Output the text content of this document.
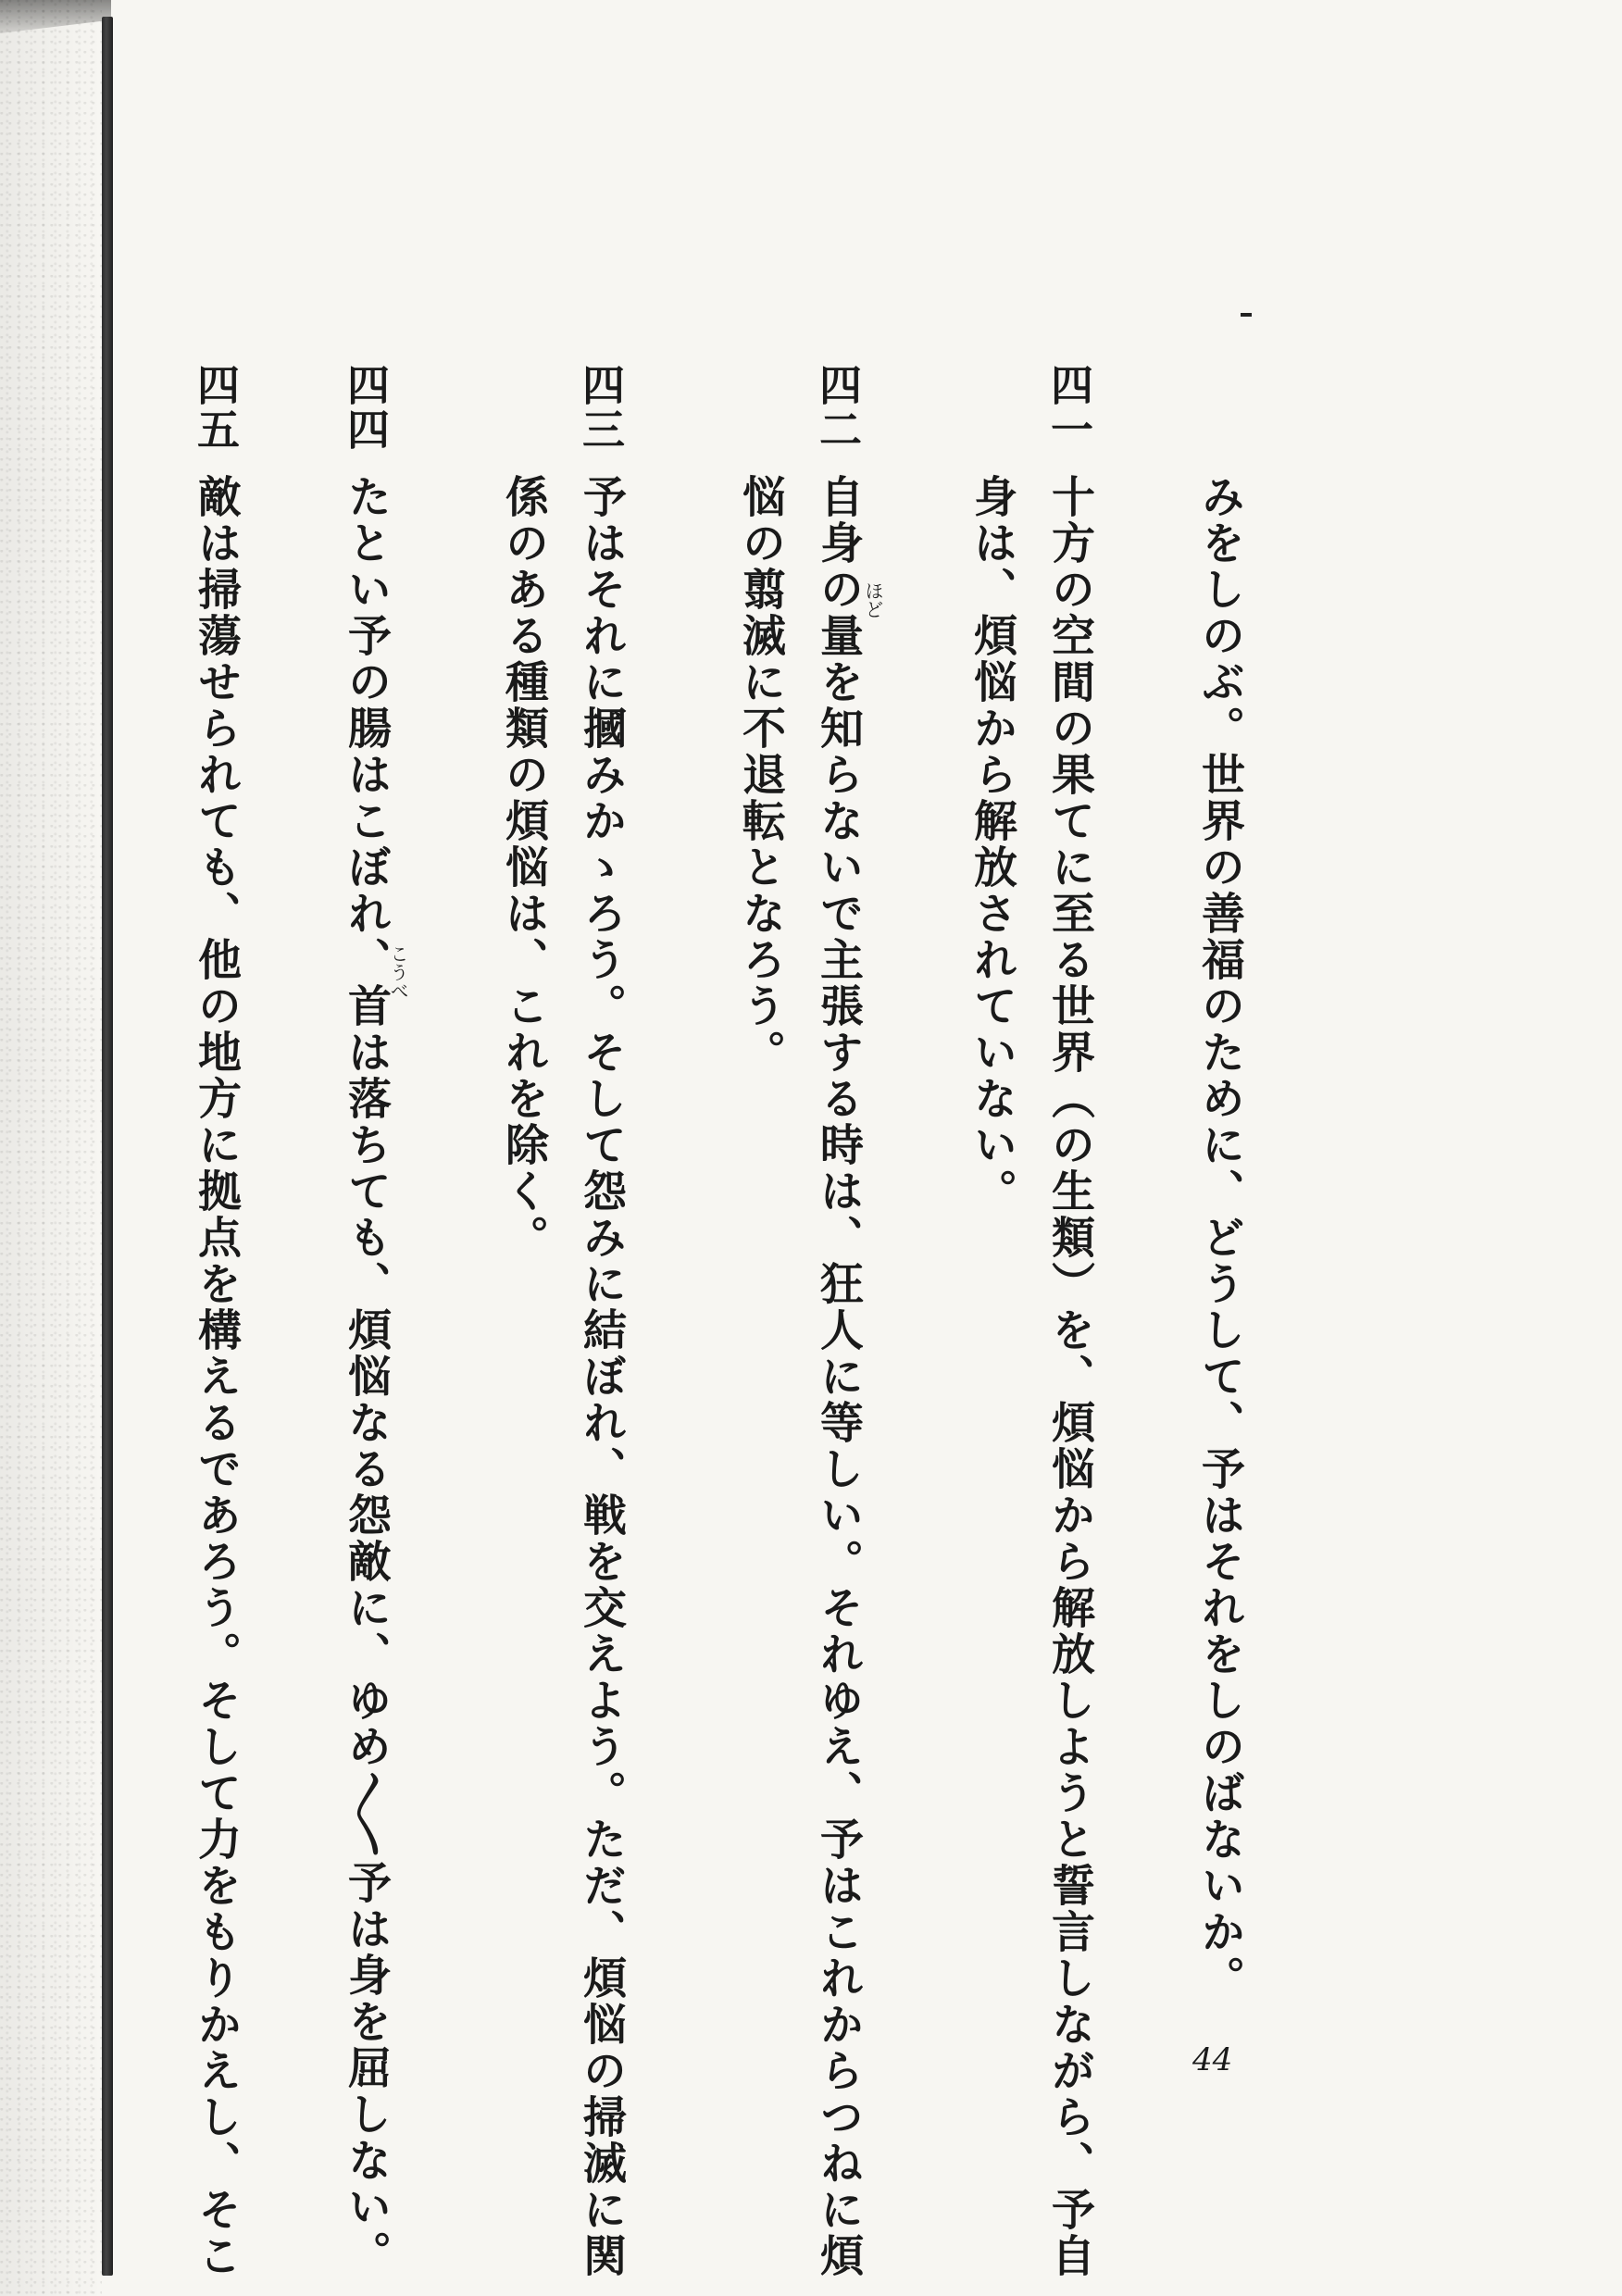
みをしのぶ。世界の善福のために、どうして、予はそれをしのばないか。
四一
十方の空間の果てに至る世界（の生類）を、煩悩から解放しようと誓言しながら、予自
身は、煩悩から解放されていない。
四二
自身の量を知らないで主張する時は、狂人に等しい。それゆえ、予はこれからつねに煩
悩の翦滅に不退転となろう。
四三
予はそれに摑みかゝろう。そして怨みに結ぼれ、戦を交えよう。ただ、煩悩の掃滅に関
係のある種類の煩悩は、これを除く。
四四
たとい予の腸はこぼれ、首は落ちても、煩悩なる怨敵に、ゆめ〳〵予は身を屈しない。
四五
敵は掃蕩せられても、他の地方に拠点を構えるであろう。そして力をもりかえし、そこ	ほど
こうべ
44
